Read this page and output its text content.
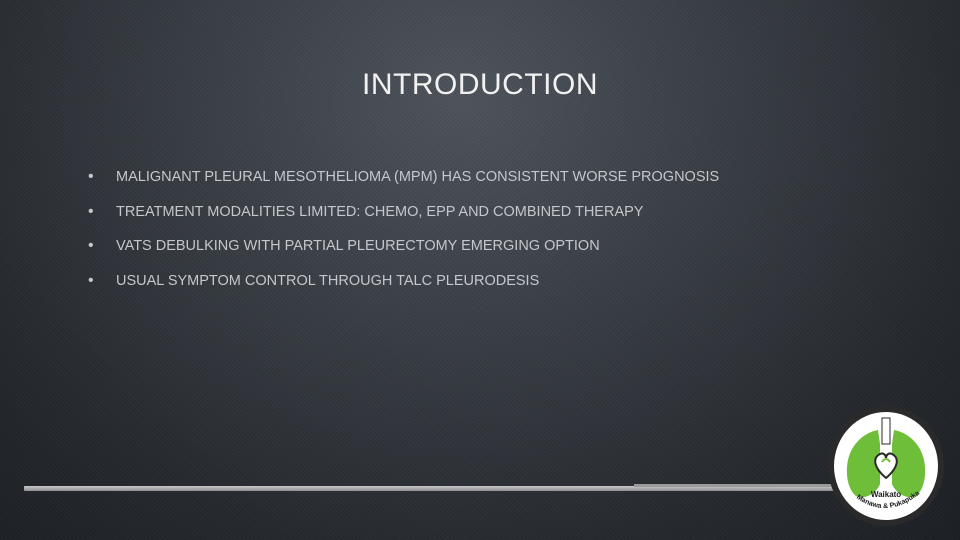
INTRODUCTION
• MALIGNANT PLEURAL MESOTHELIOMA (MPM) HAS CONSISTENT WORSE PROGNOSIS
• TREATMENT MODALITIES LIMITED: CHEMO, EPP AND COMBINED THERAPY
• VATS DEBULKING WITH PARTIAL PLEURECTOMY EMERGING OPTION
• USUAL SYMPTOM CONTROL THROUGH TALC PLEURODESIS
Waikato
Manawa & Pukapuka
